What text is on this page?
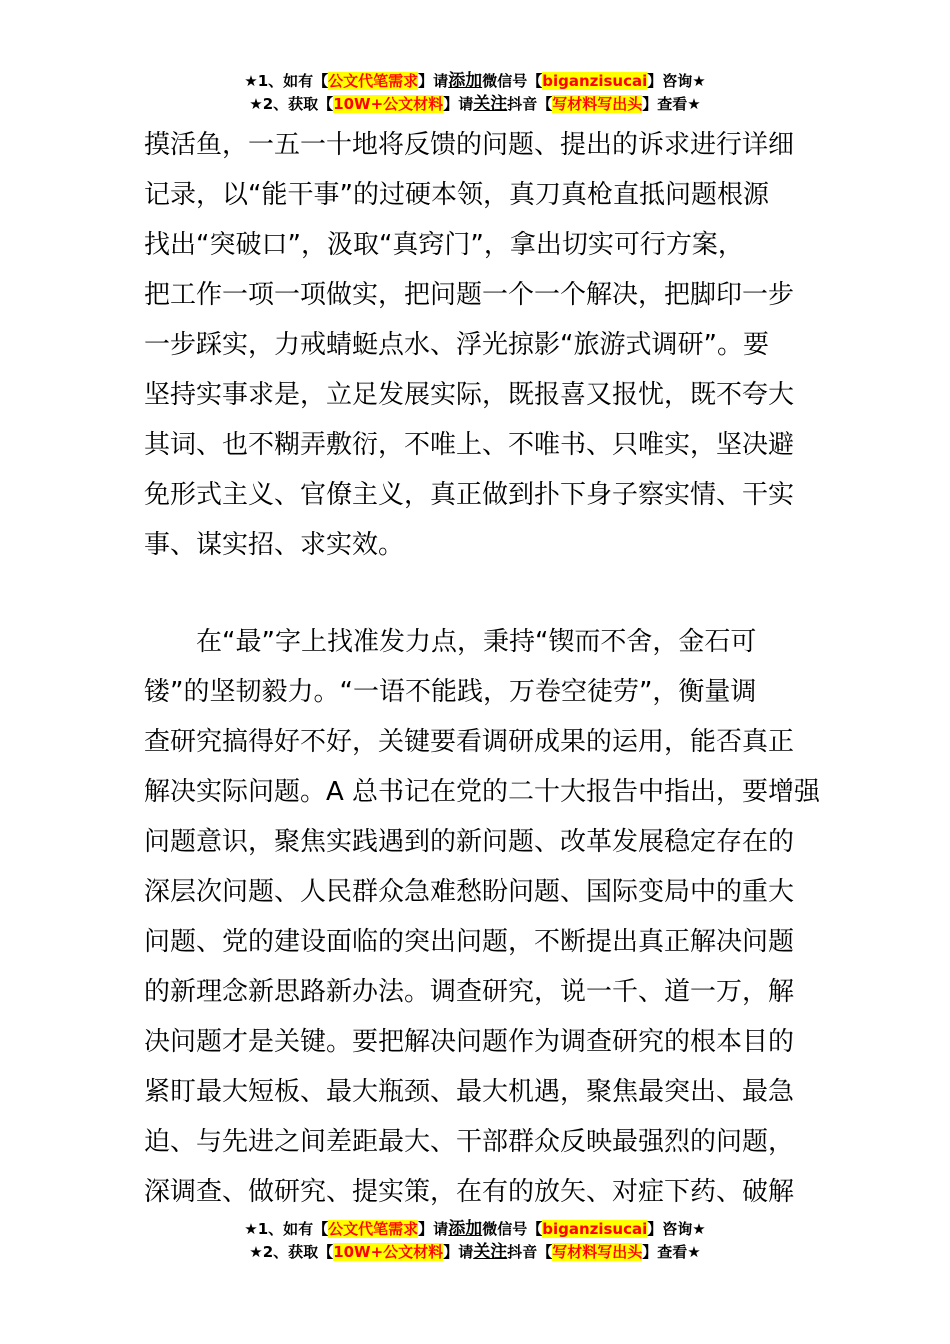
★1、如有【公文代笔需求】请添加微信号【biganzisucai】咨询★
★2、获取【10W+公文材料】请关注抖音【写材料写出头】查看★
摸活鱼，一五一十地将反馈的问题、提出的诉求进行详细
记录，以“能干事”的过硬本领，真刀真枪直抵问题根源
找出“突破口”，汲取“真窍门”，拿出切实可行方案，
把工作一项一项做实，把问题一个一个解决，把脚印一步
一步踩实，力戒蜻蜓点水、浮光掠影“旅游式调研”。要
坚持实事求是，立足发展实际，既报喜又报忧，既不夸大
其词、也不糊弄敷衍，不唯上、不唯书、只唯实，坚决避
免形式主义、官僚主义，真正做到扑下身子察实情、干实
事、谋实招、求实效。
在“最”字上找准发力点，秉持“锲而不舍，金石可
镂”的坚韧毅力。“一语不能践，万卷空徒劳”，衡量调
查研究搞得好不好，关键要看调研成果的运用，能否真正
解决实际问题。A 总书记在党的二十大报告中指出，要增强
问题意识，聚焦实践遇到的新问题、改革发展稳定存在的
深层次问题、人民群众急难愁盼问题、国际变局中的重大
问题、党的建设面临的突出问题，不断提出真正解决问题
的新理念新思路新办法。调查研究，说一千、道一万，解
决问题才是关键。要把解决问题作为调查研究的根本目的
紧盯最大短板、最大瓶颈、最大机遇，聚焦最突出、最急
迫、与先进之间差距最大、干部群众反映最强烈的问题，
深调查、做研究、提实策，在有的放矢、对症下药、破解
★1、如有【公文代笔需求】请添加微信号【biganzisucai】咨询★
★2、获取【10W+公文材料】请关注抖音【写材料写出头】查看★
